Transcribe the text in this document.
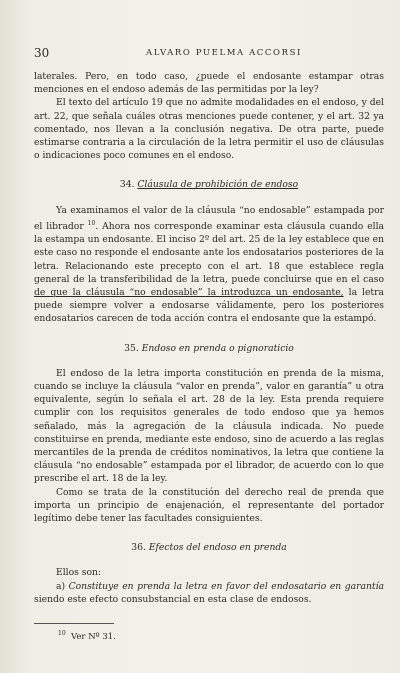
30	ALVARO PUELMA ACCORSI

laterales. Pero, en todo caso, ¿puede el endosante estampar otras menciones en el endoso además de las permitidas por la ley?

El texto del artículo 19 que no admite modalidades en el endoso, y del art. 22, que señala cuáles otras menciones puede contener, y el art. 32 ya comentado, nos llevan a la conclusión negativa. De otra parte, puede estimarse contraria a la circulación de la letra permitir el uso de cláusulas o indicaciones poco comunes en el endoso.

34. Cláusula de prohibición de endoso

Ya examinamos el valor de la cláusula “no endosable” estampada por el librador $^{10}$. Ahora nos corresponde examinar esta cláusula cuando ella la estampa un endosante. El inciso 2º del art. 25 de la ley establece que en este caso no responde el endosante ante los endosatarios posteriores de la letra. Relacionando este precepto con el art. 18 que establece regla general de la transferibilidad de la letra, puede concluirse que en el caso de que la cláusula “no endosable” la introduzca un endosante, la letra puede siempre volver a endosarse válidamente, pero los posteriores endosatarios carecen de toda acción contra el endosante que la estampó.

35. Endoso en prenda o pignoraticio

El endoso de la letra importa constitución en prenda de la misma, cuando se incluye la cláusula “valor en prenda”, valor en garantía” u otra equivalente, según lo señala el art. 28 de la ley. Esta prenda requiere cumplir con los requisitos generales de todo endoso que ya hemos señalado, más la agregación de la cláusula indicada. No puede constituirse en prenda, mediante este endoso, sino de acuerdo a las reglas mercantiles de la prenda de créditos nominativos, la letra que contiene la cláusula “no endosable” estampada por el librador, de acuerdo con lo que prescribe el art. 18 de la ley.

Como se trata de la constitución del derecho real de prenda que importa un principio de enajenación, el representante del portador legítimo debe tener las facultades consiguientes.

36. Efectos del endoso en prenda

Ellos son:

a) Constituye en prenda la letra en favor del endosatario en garantía siendo este efecto consubstancial en esta clase de endosos.

$^{10}$ Ver Nº 31.
